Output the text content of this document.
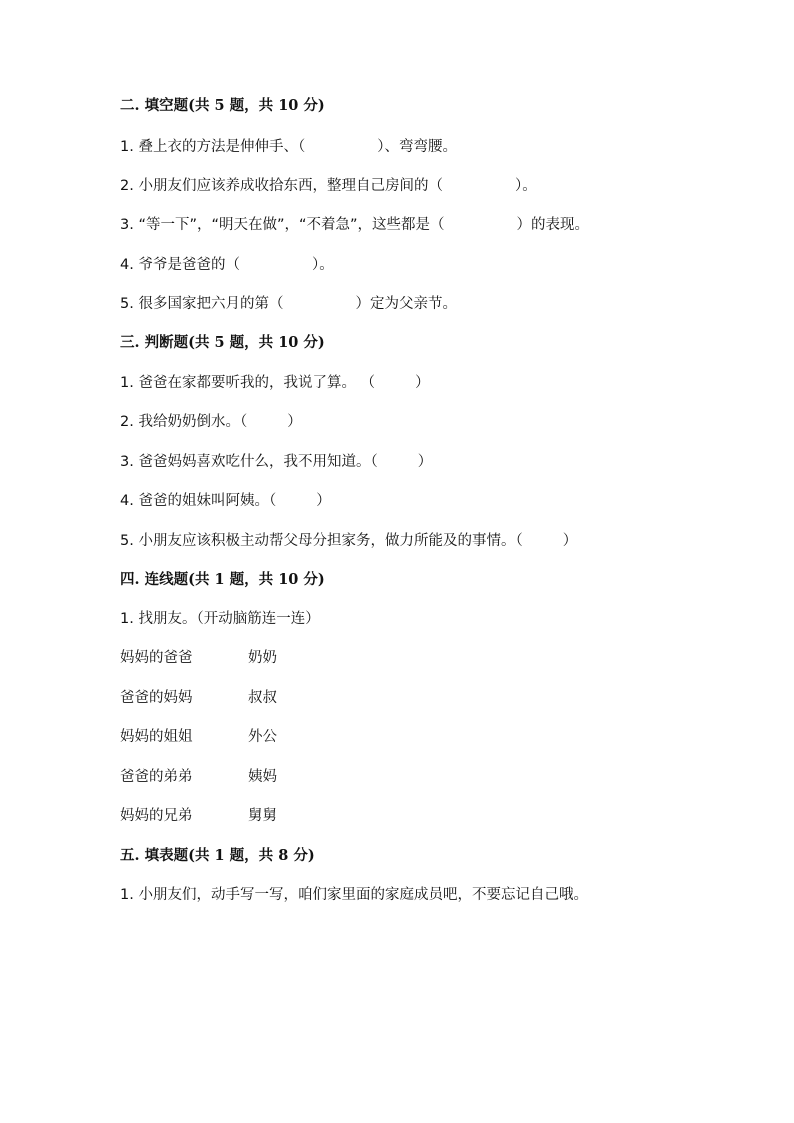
二. 填空题(共 5 题，共 10 分)
1. 叠上衣的方法是伸伸手、（	）、弯弯腰。
2. 小朋友们应该养成收拾东西，整理自己房间的（	）。
3. “等一下”，“明天在做”，“不着急”，这些都是（	）的表现。
4. 爷爷是爸爸的（	）。
5. 很多国家把六月的第（	）定为父亲节。
三. 判断题(共 5 题，共 10 分)
1. 爸爸在家都要听我的，我说了算。 （	）
2. 我给奶奶倒水。（	）
3. 爸爸妈妈喜欢吃什么，我不用知道。（	）
4. 爸爸的姐妹叫阿姨。（	）
5. 小朋友应该积极主动帮父母分担家务，做力所能及的事情。（	）
四. 连线题(共 1 题，共 10 分)
1. 找朋友。（开动脑筋连一连）
妈妈的爸爸	奶奶
爸爸的妈妈	叔叔
妈妈的姐姐	外公
爸爸的弟弟	姨妈
妈妈的兄弟	舅舅
五. 填表题(共 1 题，共 8 分)
1. 小朋友们，动手写一写，咱们家里面的家庭成员吧，不要忘记自己哦。
